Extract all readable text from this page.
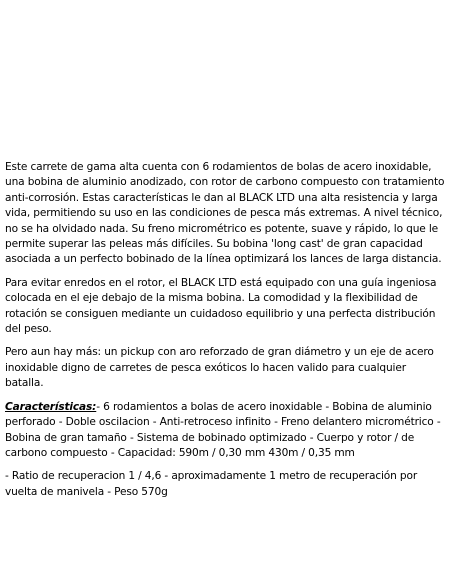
Este carrete de gama alta cuenta con 6 rodamientos de bolas de acero inoxidable, una bobina de aluminio anodizado, con rotor de carbono compuesto con tratamiento anti-corrosión. Estas características le dan al BLACK LTD una alta resistencia y larga vida, permitiendo su uso en las condiciones de pesca más extremas. A nivel técnico, no se ha olvidado nada. Su freno micrométrico es potente, suave y rápido, lo que le permite superar las peleas más difíciles. Su bobina 'long cast' de gran capacidad asociada a un perfecto bobinado de la línea optimizará los lances de larga distancia.

Para evitar enredos en el rotor, el BLACK LTD está equipado con una guía ingeniosa colocada en el eje debajo de la misma bobina. La comodidad y la flexibilidad de rotación se consiguen mediante un cuidadoso equilibrio y una perfecta distribución del peso.

Pero aun hay más: un pickup con aro reforzado de gran diámetro y un eje de acero inoxidable digno de carretes de pesca exóticos lo hacen valido para cualquier batalla.

Características:- 6 rodamientos a bolas de acero inoxidable - Bobina de aluminio perforado - Doble oscilacion - Anti-retroceso infinito - Freno delantero micrométrico - Bobina de gran tamaño - Sistema de bobinado optimizado - Cuerpo y rotor / de carbono compuesto - Capacidad: 590m / 0,30 mm 430m / 0,35 mm

- Ratio de recuperacion 1 / 4,6 - aproximadamente 1 metro de recuperación por vuelta de manivela - Peso 570g
